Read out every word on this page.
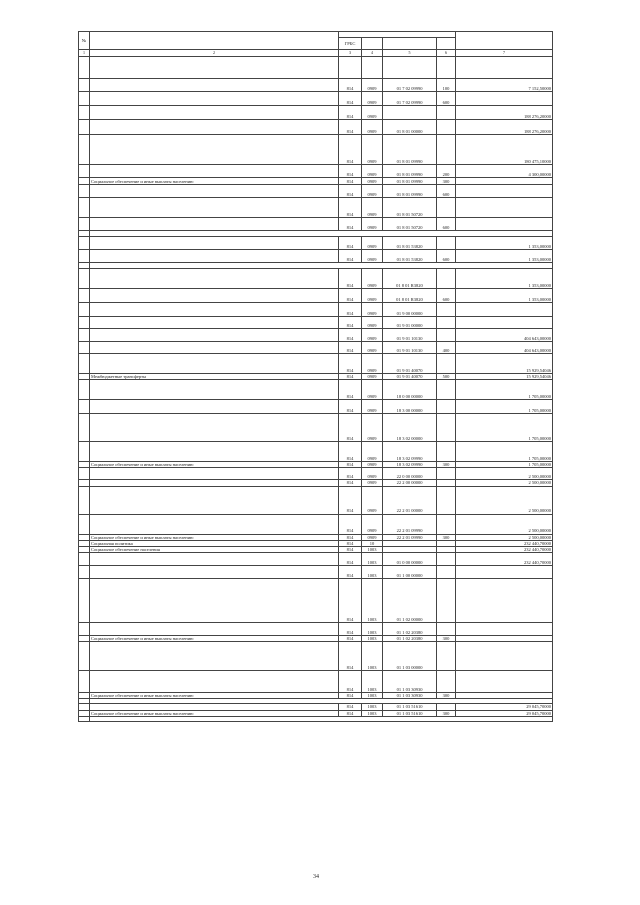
№						
		ГРБС				
1	2	3	4	5	6	7

		814	0909	01 7 02 09990	100	7 152,50000
		814	0909	01 7 02 09990	600	
		814	0909			188 276,20000
		814	0909	01 8 01 00000		188 276,20000
		814	0909	01 8 01 09990		180 475,10000
		814	0909	01 8 01 09990	200	4 300,00000
	Социальное обеспечение и иные выплаты населению	814	0909	01 8 01 09990	300	
		814	0909	01 8 01 09990	600	
		814	0909	01 8 01 50720		
		814	0909	01 8 01 50720	600	

		814	0909	01 8 01 53820		1 353,00000
		814	0909	01 8 01 53820	600	1 353,00000

		814	0909	01 8 01 R3820		1 353,00000
		814	0909	01 8 01 R3820	600	1 353,00000
		814	0909	01 9 00 00000		
		814	0909	01 9 01 00000		
		814	0909	01 9 01 10130		404 643,00000
		814	0909	01 9 01 10130	400	404 643,00000
		814	0909	01 9 01 40070		15 929,54046
	Межбюджетные трансферты	814	0909	01 9 01 40070	500	15 929,54046
		814	0909	18 0 00 00000		1 705,00000
		814	0909	18 3 00 00000		1 705,00000
		814	0909	18 3 02 00000		1 705,00000
		814	0909	18 3 02 09990		1 705,00000
	Социальное обеспечение и иные выплаты населению	814	0909	18 3 02 09990	300	1 705,00000
		814	0909	22 0 00 00000		2 500,00000
		814	0909	22 2 00 00000		2 500,00000
		814	0909	22 2 01 00000		2 500,00000
		814	0909	22 2 01 09990		2 500,00000
	Социальное обеспечение и иные выплаты населению	814	0909	22 2 01 09990	300	2 500,00000
	Социальная политика	814	10			232 440,70000
	Социальное обеспечение населения	814	1003			232 440,70000
		814	1003	01 0 00 00000		232 440,70000
		814	1003	01 1 00 00000		
		814	1003	01 1 02 00000		
		814	1003	01 1 02 20380		
	Социальное обеспечение и иные выплаты населению	814	1003	01 1 02 20380	300	
		814	1003	01 1 03 00000		
		814	1003	01 1 03 30930		
	Социальное обеспечение и иные выплаты населению	814	1003	01 1 03 30930	300	

		814	1003	01 1 03 51610		29 045,70000
	Социальное обеспечение и иные выплаты населению	814	1003	01 1 03 51610	300	29 045,70000

34
